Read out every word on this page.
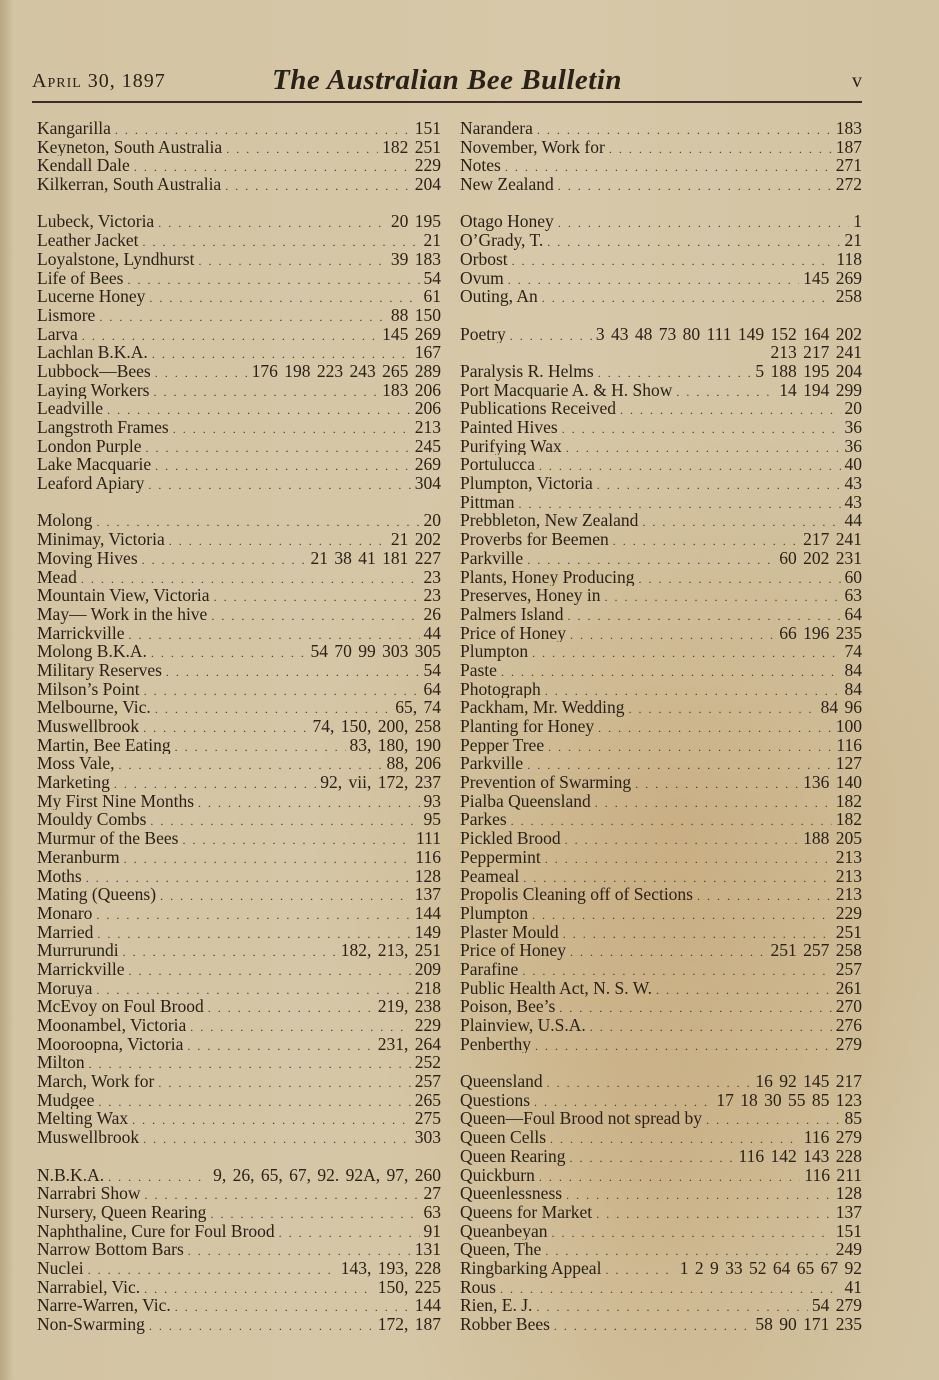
April 30, 1897	The Australian Bee Bulletin	v
Kangarilla . . .	151
Keyneton, South Australia . . .	182 251
Kendall Dale . . .	229
Kilkerran, South Australia . . .	204
Lubeck, Victoria . . .	20 195
Leather Jacket . . .	21
Loyalstone, Lyndhurst . . .	39 183
Life of Bees . . .	54
Lucerne Honey . . .	61
Lismore . . .	88 150
Larva . . .	145 269
Lachlan B.K.A. . . .	167
Lubbock—Bees . . .	176 198 223 243 265 289
Laying Workers . . .	183 206
Leadville . . .	206
Langstroth Frames . . .	213
London Purple . . .	245
Lake Macquarie . . .	269
Leaford Apiary . . .	304
Molong . . .	20
Minimay, Victoria . . .	21 202
Moving Hives . . .	21 38 41 181 227
Mead . . .	23
Mountain View, Victoria . . .	23
May— Work in the hive . . .	26
Marrickville . . .	44
Molong B.K.A. . . .	54 70 99 303 305
Military Reserves . . .	54
Milson’s Point . . .	64
Melbourne, Vic. . . .	65, 74
Muswellbrook . . .	74, 150, 200, 258
Martin, Bee Eating . . .	83, 180, 190
Moss Vale, . . .	88, 206
Marketing . . .	92, vii, 172, 237
My First Nine Months . . .	93
Mouldy Combs . . .	95
Murmur of the Bees . . .	111
Meranburm . . .	116
Moths . . .	128
Mating (Queens) . . .	137
Monaro . . .	144
Married . . .	149
Murrurundi . . .	182, 213, 251
Marrickville . . .	209
Moruya . . .	218
McEvoy on Foul Brood . . .	219, 238
Moonambel, Victoria . . .	229
Mooroopna, Victoria . . .	231, 264
Milton . . .	252
March, Work for . . .	257
Mudgee . . .	265
Melting Wax . . .	275
Muswellbrook . . .	303
N.B.K.A. . . .	9, 26, 65, 67, 92. 92A, 97, 260
Narrabri Show . . .	27
Nursery, Queen Rearing . . .	63
Naphthaline, Cure for Foul Brood . . .	91
Narrow Bottom Bars . . .	131
Nuclei . . .	143, 193, 228
Narrabiel, Vic. . . .	150, 225
Narre-Warren, Vic. . . .	144
Non-Swarming . . .	172, 187
Narandera . . .	183
November, Work for . . .	187
Notes . . .	271
New Zealand . . .	272
Otago Honey . . .	1
O’Grady, T. . . .	21
Orbost . . .	118
Ovum . . .	145 269
Outing, An . . .	258
Poetry . . .	3 43 48 73 80 111 149 152 164 202
213 217 241
Paralysis R. Helms . . .	5 188 195 204
Port Macquarie A. & H. Show . . .	14 194 299
Publications Received . . .	20
Painted Hives . . .	36
Purifying Wax . . .	36
Portulucca . . .	40
Plumpton, Victoria . . .	43
Pittman . . .	43
Prebbleton, New Zealand . . .	44
Proverbs for Beemen . . .	217 241
Parkville . . .	60 202 231
Plants, Honey Producing . . .	60
Preserves, Honey in . . .	63
Palmers Island . . .	64
Price of Honey . . .	66 196 235
Plumpton . . .	74
Paste . . .	84
Photograph . . .	84
Packham, Mr. Wedding . . .	84 96
Planting for Honey . . .	100
Pepper Tree . . .	116
Parkville . . .	127
Prevention of Swarming . . .	136 140
Pialba Queensland . . .	182
Parkes . . .	182
Pickled Brood . . .	188 205
Peppermint . . .	213
Peameal . . .	213
Propolis Cleaning off of Sections . . .	213
Plumpton . . .	229
Plaster Mould . . .	251
Price of Honey . . .	251 257 258
Parafine . . .	257
Public Health Act, N. S. W. . . .	261
Poison, Bee’s . . .	270
Plainview, U.S.A. . . .	276
Penberthy . . .	279
Queensland . . .	16 92 145 217
Questions . . .	17 18 30 55 85 123
Queen—Foul Brood not spread by . . .	85
Queen Cells . . .	116 279
Queen Rearing . . .	116 142 143 228
Quickburn . . .	116 211
Queenlessness . . .	128
Queens for Market . . .	137
Queanbeyan . . .	151
Queen, The . . .	249
Ringbarking Appeal . . .	1 2 9 33 52 64 65 67 92
Rous . . .	41
Rien, E. J. . . .	54 279
Robber Bees . . .	58 90 171 235
